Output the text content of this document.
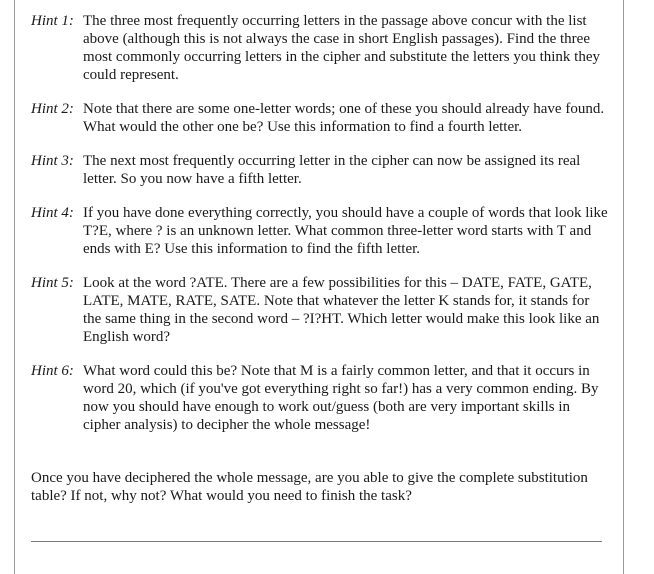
Hint 1: The three most frequently occurring letters in the passage above concur with the list above (although this is not always the case in short English passages). Find the three most commonly occurring letters in the cipher and substitute the letters you think they could represent.
Hint 2: Note that there are some one-letter words; one of these you should already have found. What would the other one be? Use this information to find a fourth letter.
Hint 3: The next most frequently occurring letter in the cipher can now be assigned its real letter. So you now have a fifth letter.
Hint 4: If you have done everything correctly, you should have a couple of words that look like T?E, where ? is an unknown letter. What common three-letter word starts with T and ends with E? Use this information to find the fifth letter.
Hint 5: Look at the word ?ATE. There are a few possibilities for this – DATE, FATE, GATE, LATE, MATE, RATE, SATE. Note that whatever the letter K stands for, it stands for the same thing in the second word – ?I?HT. Which letter would make this look like an English word?
Hint 6: What word could this be? Note that M is a fairly common letter, and that it occurs in word 20, which (if you've got everything right so far!) has a very common ending. By now you should have enough to work out/guess (both are very important skills in cipher analysis) to decipher the whole message!
Once you have deciphered the whole message, are you able to give the complete substitution table? If not, why not? What would you need to finish the task?
